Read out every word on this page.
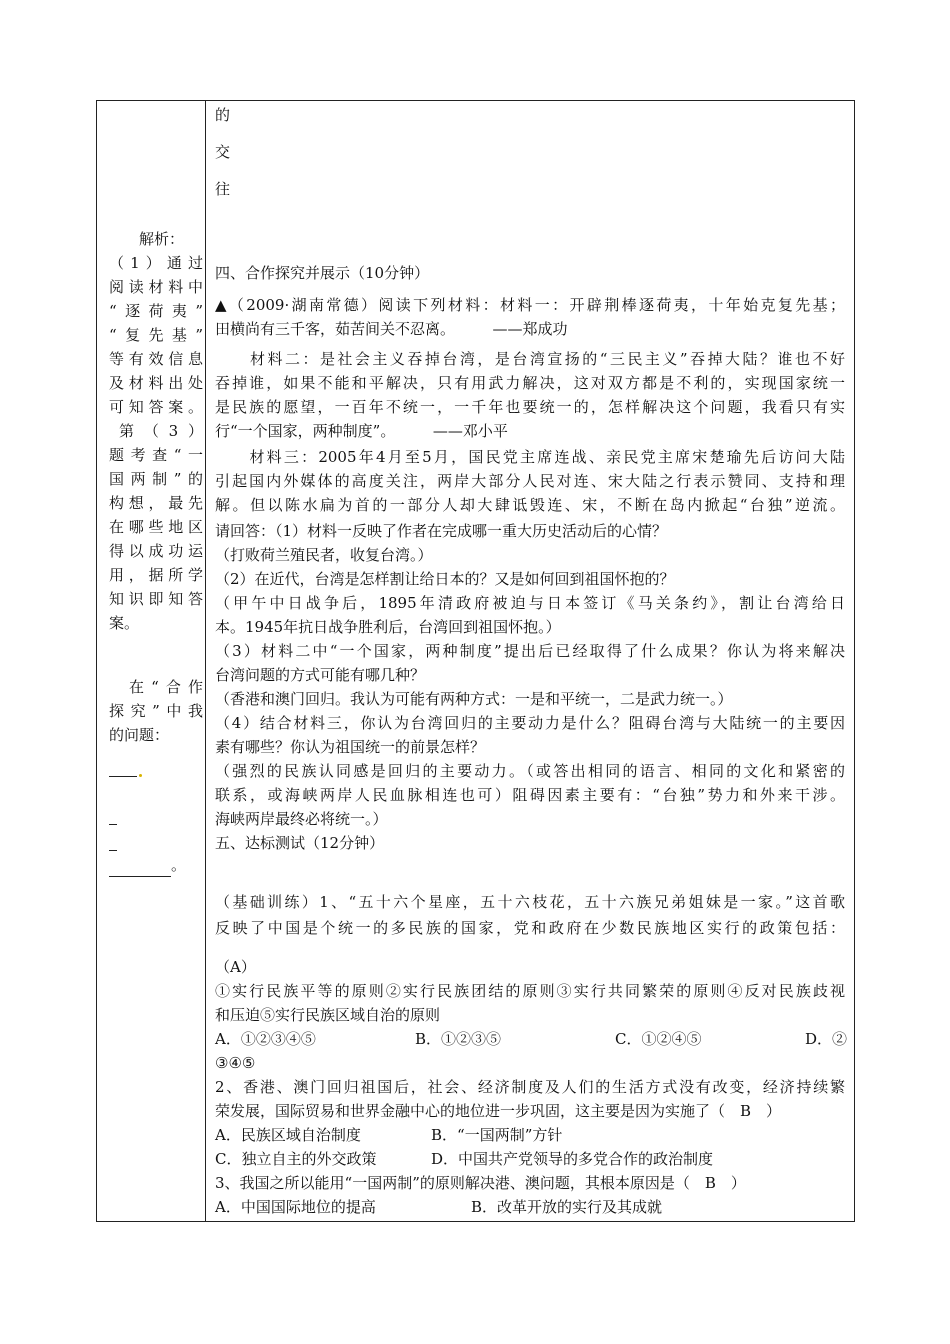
解析：
（1）通过
阅读材料中
“逐荷夷”
“复先基”
等有效信息
及材料出处
可知答案。
第（3）
题考查“一
国两制”的
构想，最先
在哪些地区
得以成功运
用，据所学
知识即知答
案。
在“合作
探究”中我
的问题：
。
的
交
往
四、合作探究并展示（10分钟）
▲（2009·湖南常德）阅读下列材料：材料一：开辟荆棒逐荷夷，十年始克复先基；
田横尚有三千客，茹苦间关不忍离。　　　——郑成功
　　材料二：是社会主义吞掉台湾，是台湾宣扬的“三民主义”吞掉大陆？谁也不好
吞掉谁，如果不能和平解决，只有用武力解决，这对双方都是不利的，实现国家统一
是民族的愿望，一百年不统一，一千年也要统一的，怎样解决这个问题，我看只有实
行“一个国家，两种制度”。　　　——邓小平
　　材料三：2005年4月至5月，国民党主席连战、亲民党主席宋楚瑜先后访问大陆
引起国内外媒体的高度关注，两岸大部分人民对连、宋大陆之行表示赞同、支持和理
解。但以陈水扁为首的一部分人却大肆诋毁连、宋，不断在岛内掀起“台独”逆流。
请回答：（1）材料一反映了作者在完成哪一重大历史活动后的心情？
（打败荷兰殖民者，收复台湾。）
（2）在近代，台湾是怎样割让给日本的？又是如何回到祖国怀抱的？
（甲午中日战争后，1895年清政府被迫与日本签订《马关条约》，割让台湾给日
本。1945年抗日战争胜利后，台湾回到祖国怀抱。）
（3）材料二中“一个国家，两种制度”提出后已经取得了什么成果？你认为将来解决
台湾问题的方式可能有哪几种？
（香港和澳门回归。我认为可能有两种方式：一是和平统一，二是武力统一。）
（4）结合材料三，你认为台湾回归的主要动力是什么？阻碍台湾与大陆统一的主要因
素有哪些？你认为祖国统一的前景怎样？
（强烈的民族认同感是回归的主要动力。（或答出相同的语言、相同的文化和紧密的
联系，或海峡两岸人民血脉相连也可）阻碍因素主要有：“台独”势力和外来干涉。
海峡两岸最终必将统一。）
五、达标测试（12分钟）
（基础训练）1、“五十六个星座，五十六枝花，五十六族兄弟姐妹是一家。”这首歌
反映了中国是个统一的多民族的国家，党和政府在少数民族地区实行的政策包括：
（A）
①实行民族平等的原则②实行民族团结的原则③实行共同繁荣的原则④反对民族歧视
和压迫⑤实行民族区域自治的原则
A．①②③④⑤	B．①②③⑤	C．①②④⑤	D．②
③④⑤
2、香港、澳门回归祖国后，社会、经济制度及人们的生活方式没有改变，经济持续繁
荣发展，国际贸易和世界金融中心的地位进一步巩固，这主要是因为实施了（　B　）
A．民族区域自治制度	B．“一国两制”方针
C．独立自主的外交政策	D．中国共产党领导的多党合作的政治制度
3、我国之所以能用“一国两制”的原则解决港、澳问题，其根本原因是（　B　）
A．中国国际地位的提高	B．改革开放的实行及其成就
